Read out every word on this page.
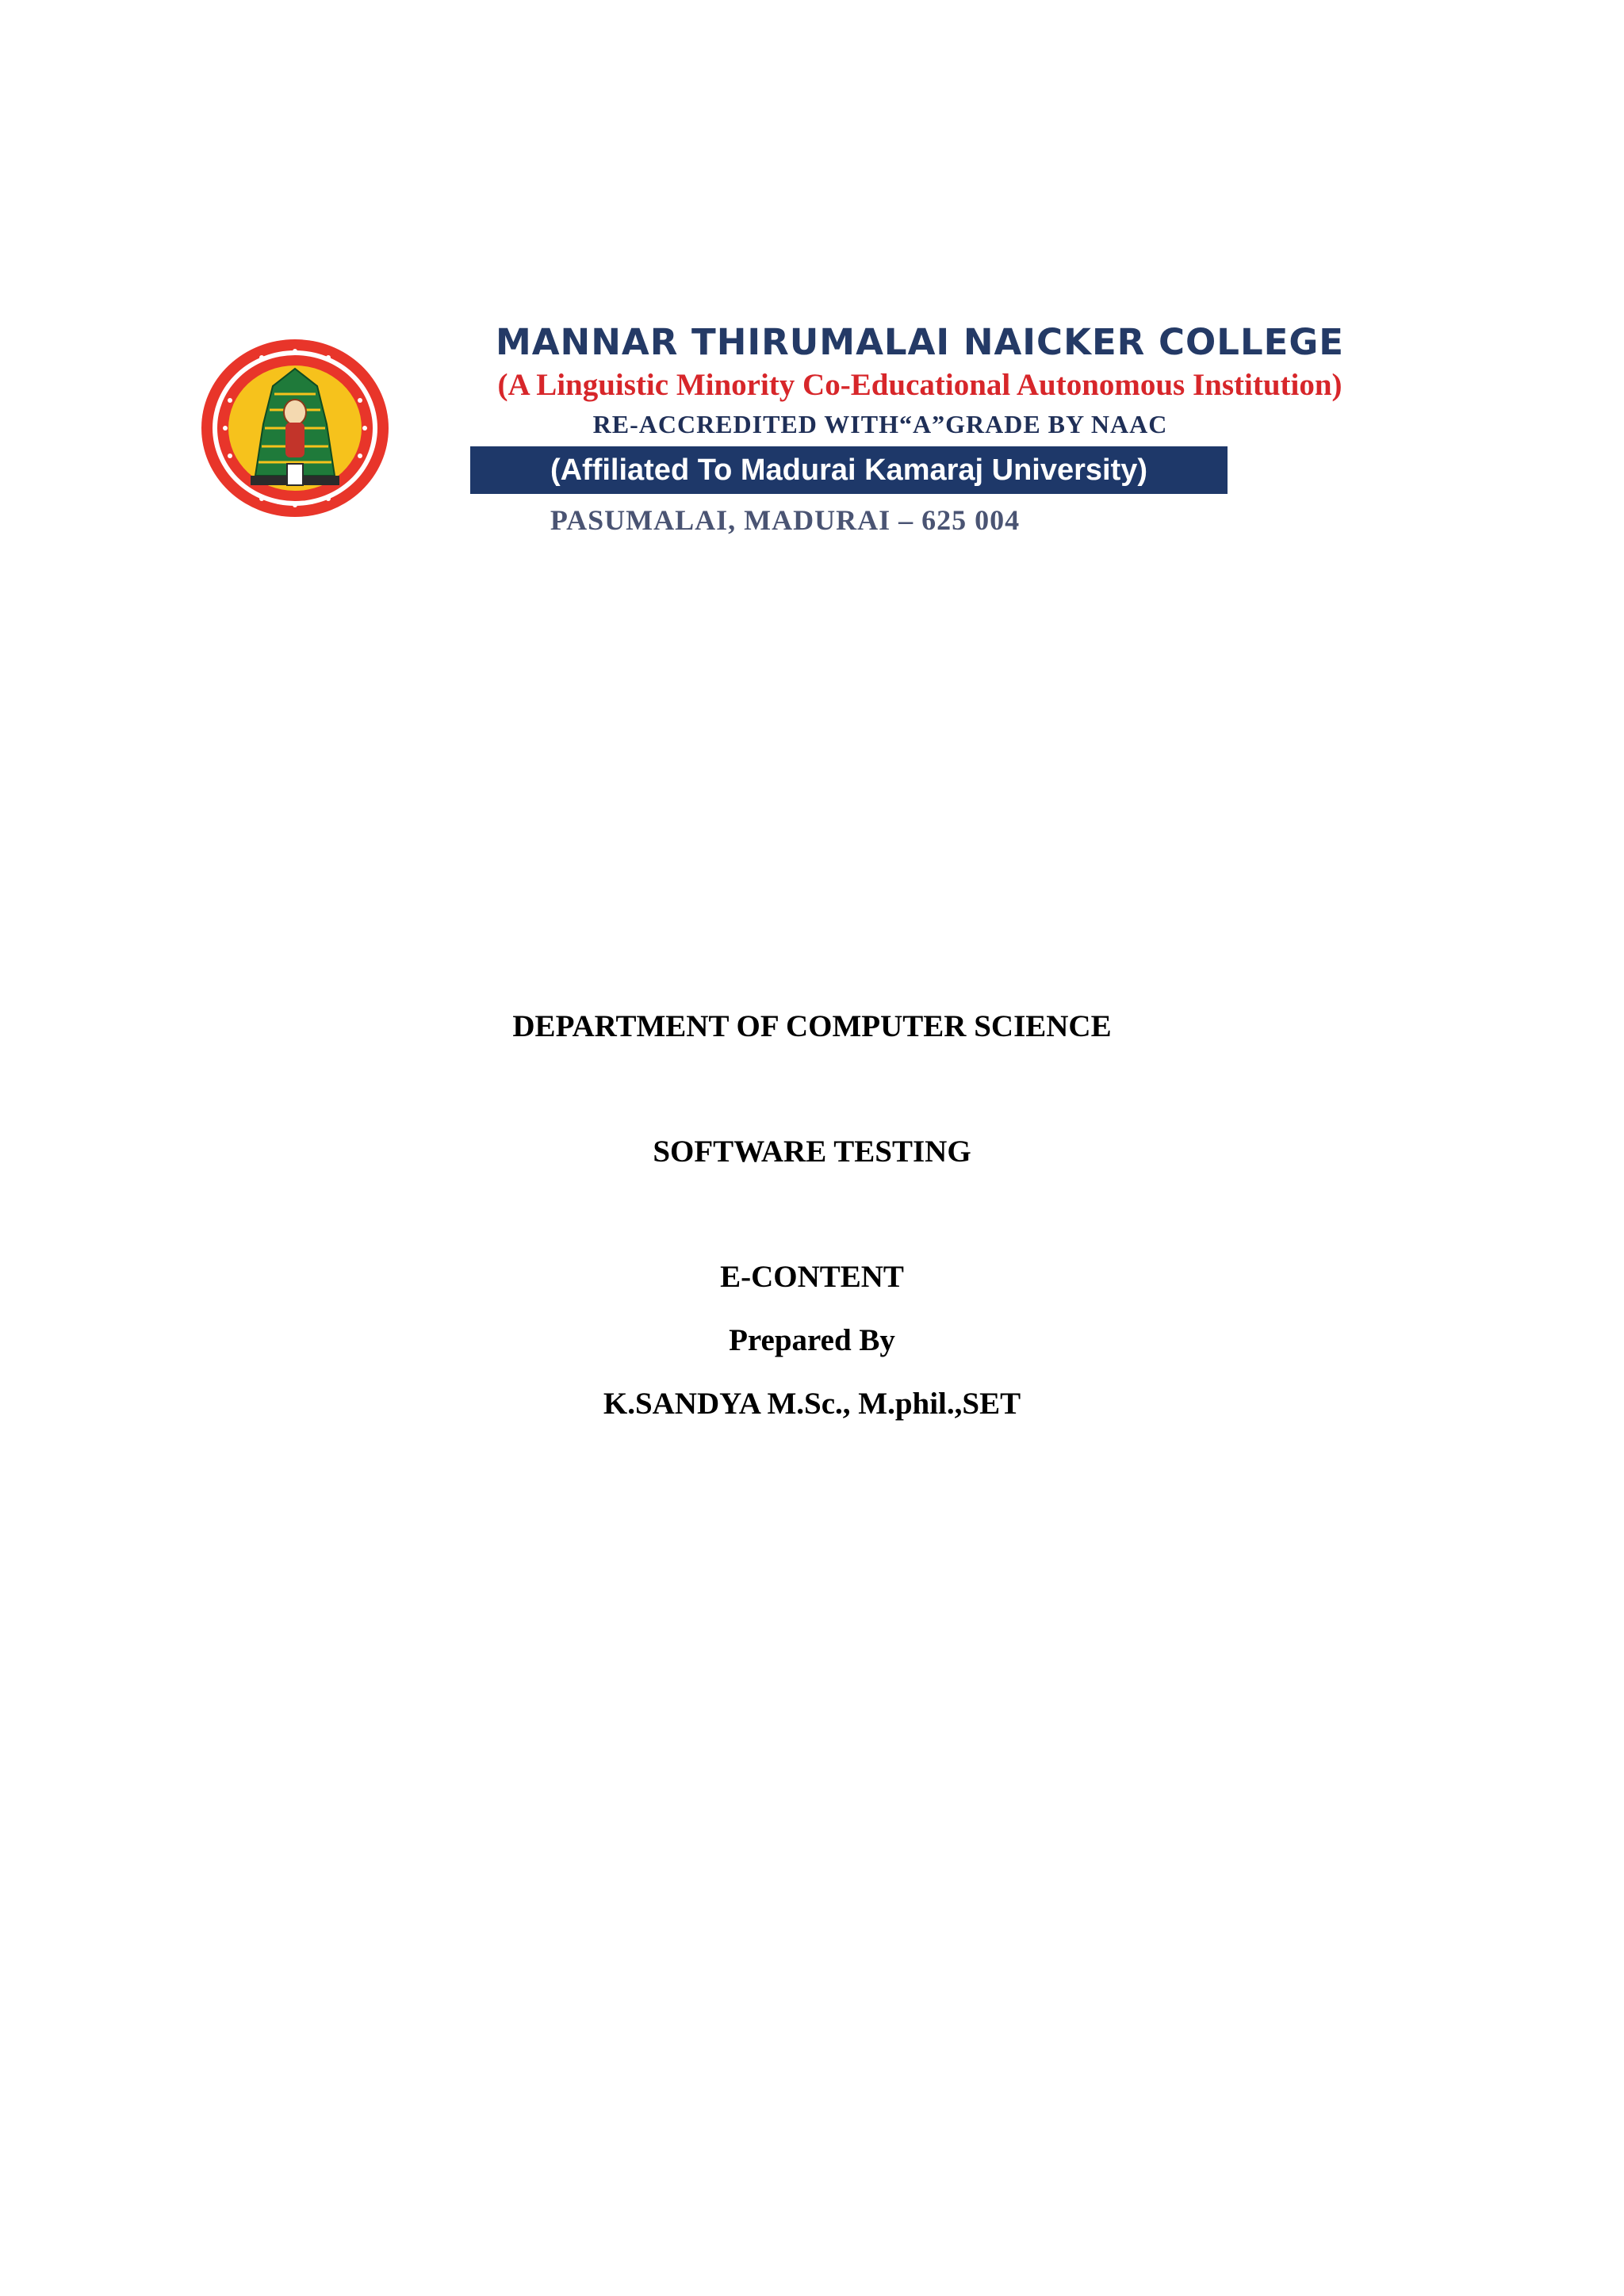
MANNAR THIRUMALAI NAICKER COLLEGE
(A Linguistic Minority Co-Educational Autonomous Institution)
RE-ACCREDITED WITH“A”GRADE BY NAAC
(Affiliated To Madurai Kamaraj University)
PASUMALAI, MADURAI – 625 004
DEPARTMENT OF COMPUTER SCIENCE
SOFTWARE TESTING
E-CONTENT
Prepared By
K.SANDYA M.Sc., M.phil.,SET
